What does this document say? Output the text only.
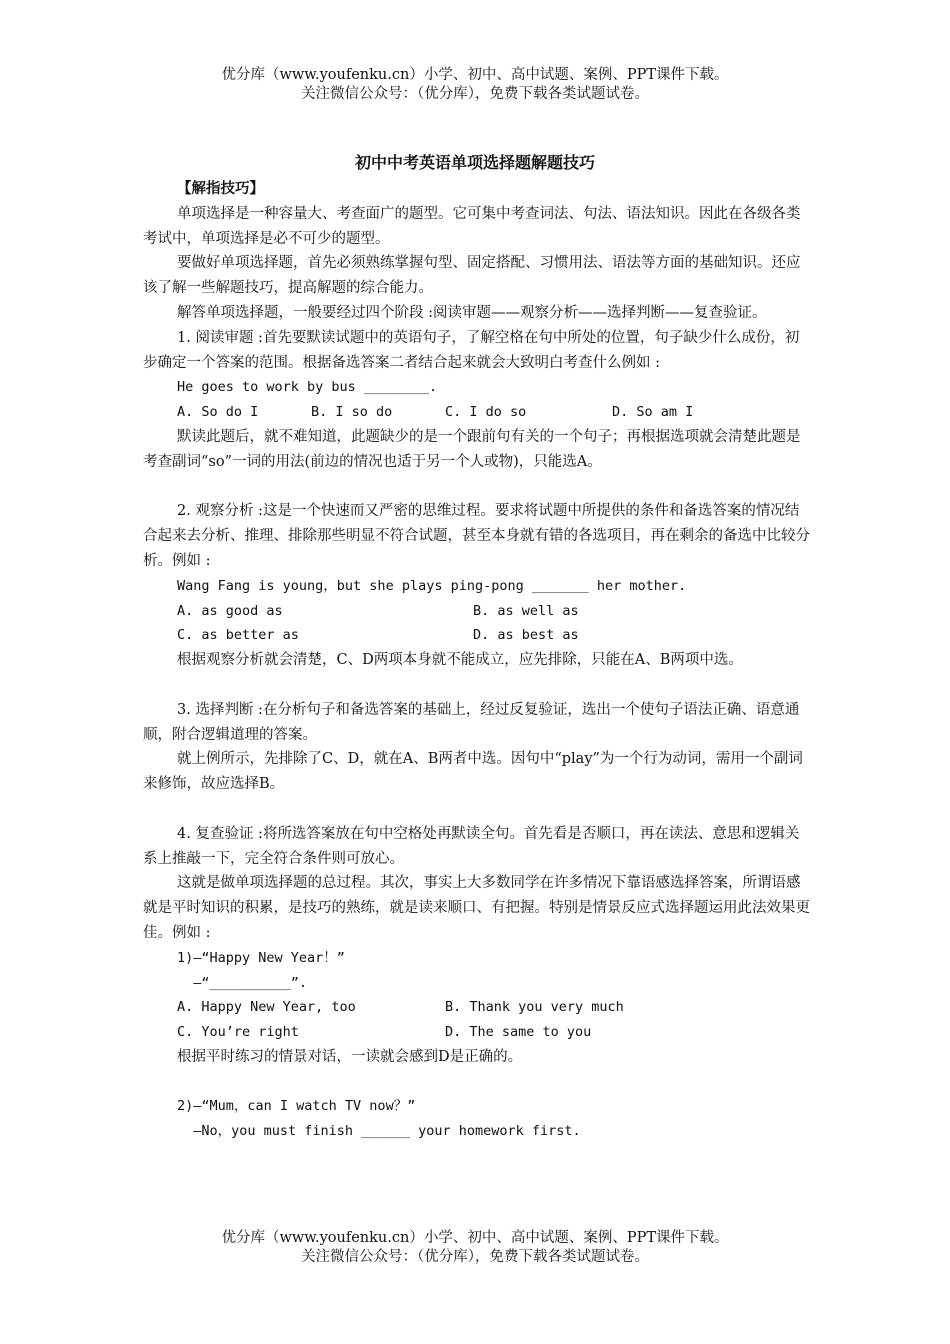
优分库（www.youfenku.cn）小学、初中、高中试题、案例、PPT课件下载。
关注微信公众号：（优分库），免费下载各类试题试卷。
初中中考英语单项选择题解题技巧

【解指技巧】

单项选择是一种容量大、考查面广的题型。它可集中考查词法、句法、语法知识。因此在各级各类考试中，单项选择是必不可少的题型。

要做好单项选择题，首先必须熟练掌握句型、固定搭配、习惯用法、语法等方面的基础知识。还应该了解一些解题技巧，提高解题的综合能力。

解答单项选择题，一般要经过四个阶段 :阅读审题——观察分析——选择判断——复查验证。

1. 阅读审题 :首先要默读试题中的英语句子，了解空格在句中所处的位置，句子缺少什么成份，初步确定一个答案的范围。根据备选答案二者结合起来就会大致明白考查什么例如 :

He goes to work by bus ________.

A. So do I	B. I so do	C. I do so	D. So am I

默读此题后，就不难知道，此题缺少的是一个跟前句有关的一个句子；再根据选项就会清楚此题是考查副词“so”一词的用法(前边的情况也适于另一个人或物)，只能选A。

2. 观察分析 :这是一个快速而又严密的思维过程。要求将试题中所提供的条件和备选答案的情况结合起来去分析、推理、排除那些明显不符合试题，甚至本身就有错的各选项目，再在剩余的备选中比较分析。例如 :

Wang Fang is young，but she plays ping-pong _______ her mother.

A. as good as	B. as well as
C. as better as	D. as best as

根据观察分析就会清楚，C、D两项本身就不能成立，应先排除，只能在A、B两项中选。

3. 选择判断 :在分析句子和备选答案的基础上，经过反复验证，选出一个使句子语法正确、语意通顺，附合逻辑道理的答案。

就上例所示，先排除了C、D，就在A、B两者中选。因句中“play”为一个行为动词，需用一个副词来修饰，故应选择B。

4. 复查验证 :将所选答案放在句中空格处再默读全句。首先看是否顺口，再在读法、意思和逻辑关系上推敲一下，完全符合条件则可放心。

这就是做单项选择题的总过程。其次，事实上大多数同学在许多情况下靠语感选择答案，所谓语感就是平时知识的积累，是技巧的熟练，就是读来顺口、有把握。特别是情景反应式选择题运用此法效果更佳。例如 :

1)—“Happy New Year！”

—“__________”.

A. Happy New Year, too	B. Thank you very much
C. You’re right	D. The same to you

根据平时练习的情景对话，一读就会感到D是正确的。

2)—“Mum，can I watch TV now？”

—No，you must finish ______ your homework first.

优分库（www.youfenku.cn）小学、初中、高中试题、案例、PPT课件下载。
关注微信公众号：（优分库），免费下载各类试题试卷。
